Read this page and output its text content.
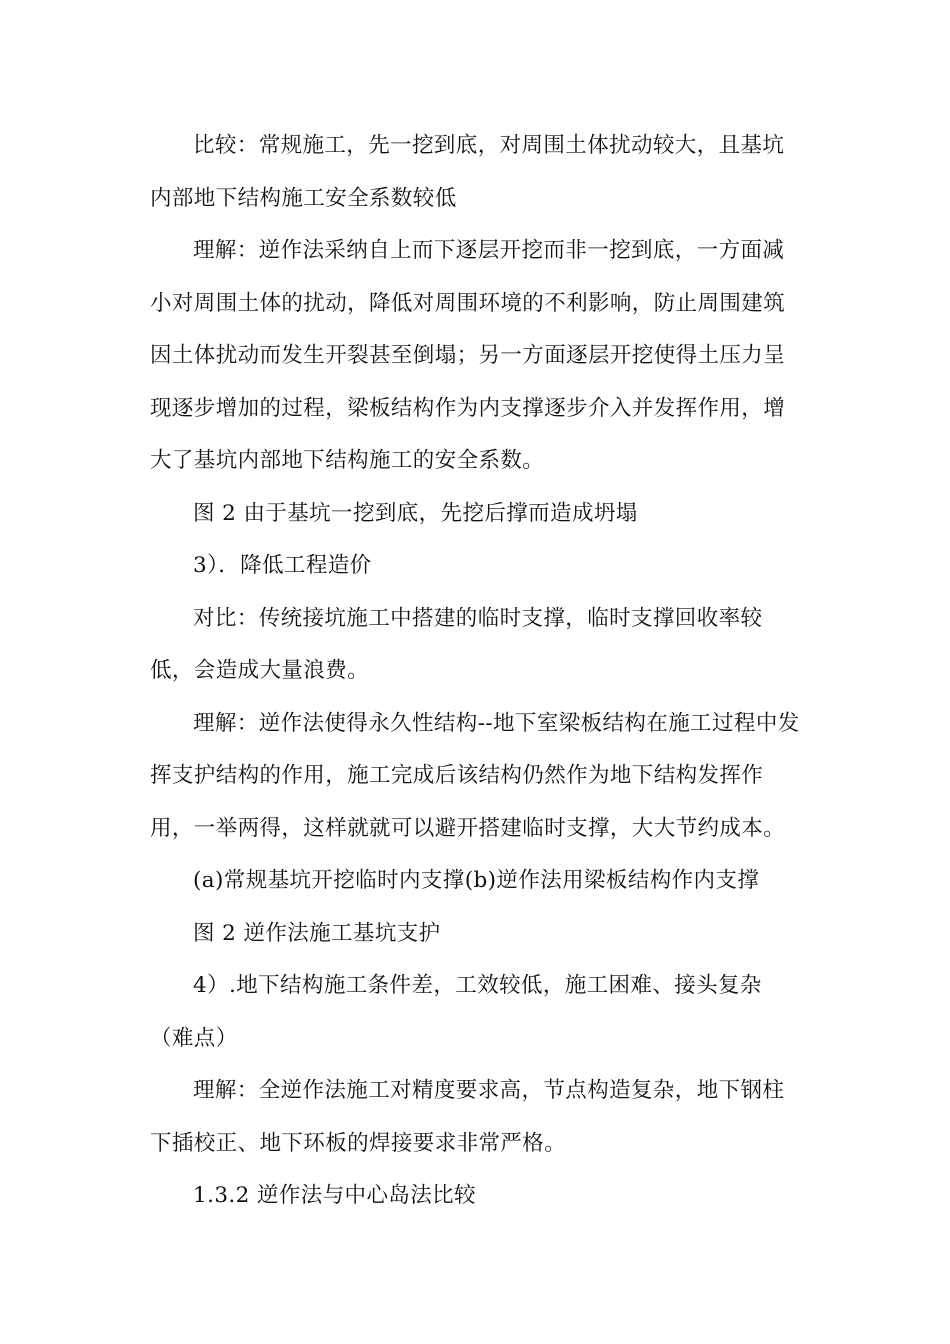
比较：常规施工，先一挖到底，对周围土体扰动较大，且基坑内部地下结构施工安全系数较低

理解：逆作法采纳自上而下逐层开挖而非一挖到底，一方面减小对周围土体的扰动，降低对周围环境的不利影响，防止周围建筑因土体扰动而发生开裂甚至倒塌；另一方面逐层开挖使得土压力呈现逐步增加的过程，梁板结构作为内支撑逐步介入并发挥作用，增大了基坑内部地下结构施工的安全系数。

图 2 由于基坑一挖到底，先挖后撑而造成坍塌

3）．降低工程造价

对比：传统接坑施工中搭建的临时支撑，临时支撑回收率较低，会造成大量浪费。

理解：逆作法使得永久性结构--地下室梁板结构在施工过程中发挥支护结构的作用，施工完成后该结构仍然作为地下结构发挥作用，一举两得，这样就就可以避开搭建临时支撑，大大节约成本。

(a)常规基坑开挖临时内支撑(b)逆作法用梁板结构作内支撑

图 2 逆作法施工基坑支护

4）.地下结构施工条件差，工效较低，施工困难、接头复杂（难点）

理解：全逆作法施工对精度要求高，节点构造复杂，地下钢柱下插校正、地下环板的焊接要求非常严格。

1.3.2 逆作法与中心岛法比较
